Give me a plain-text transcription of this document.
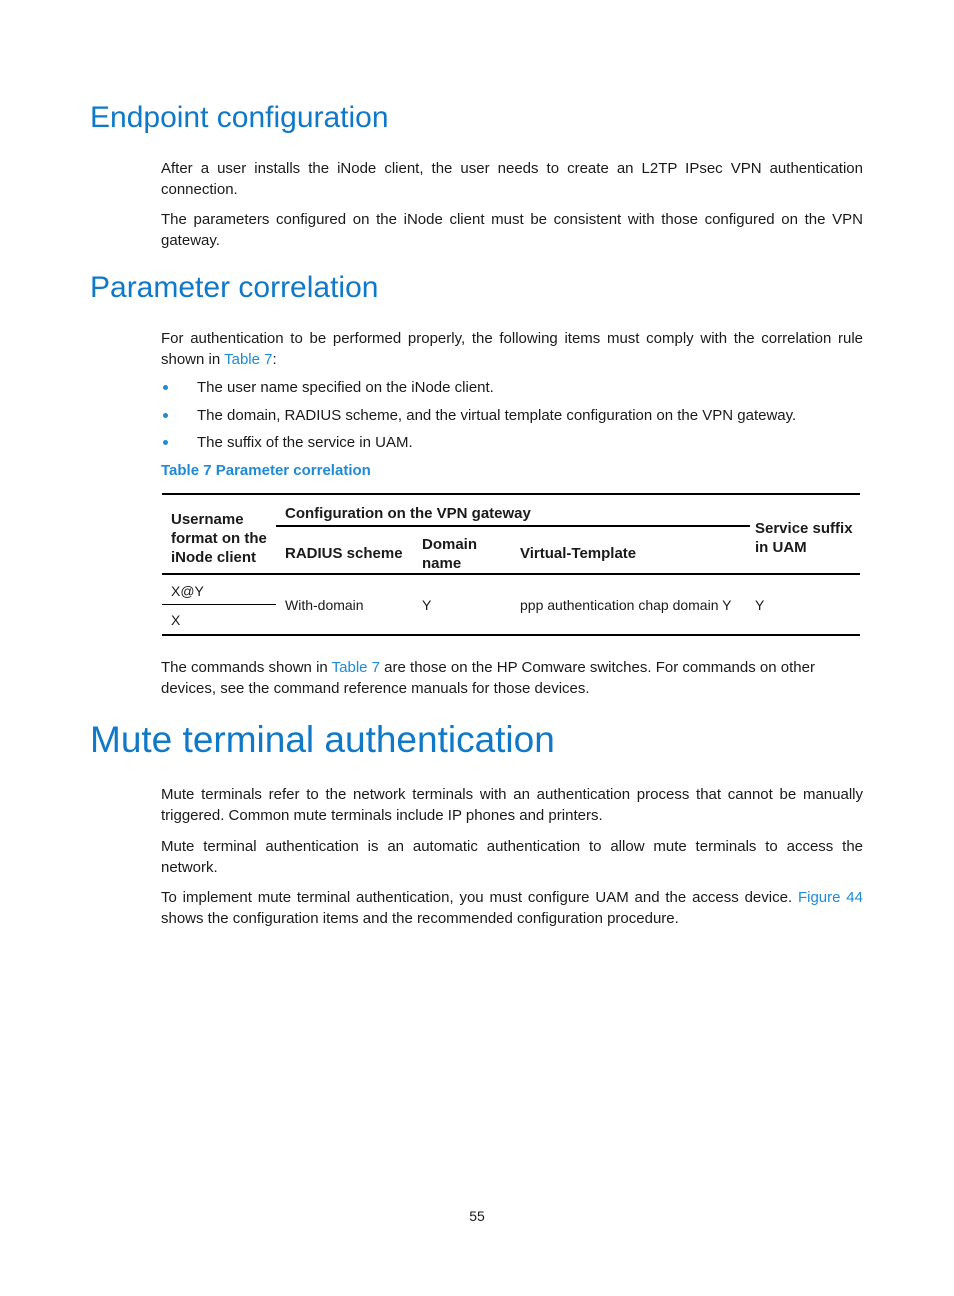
Endpoint configuration

After a user installs the iNode client, the user needs to create an L2TP IPsec VPN authentication connection.

The parameters configured on the iNode client must be consistent with those configured on the VPN gateway.

Parameter correlation

For authentication to be performed properly, the following items must comply with the correlation rule shown in Table 7:

The user name specified on the iNode client.
The domain, RADIUS scheme, and the virtual template configuration on the VPN gateway.
The suffix of the service in UAM.
Table 7 Parameter correlation
Username format on the iNode client
Configuration on the VPN gateway
RADIUS scheme
Domain name
Virtual-Template
Service suffix in UAM
X@Y
X
With-domain	Y	ppp authentication chap domain Y Y

The commands shown in Table 7 are those on the HP Comware switches. For commands on other devices, see the command reference manuals for those devices.

Mute terminal authentication

Mute terminals refer to the network terminals with an authentication process that cannot be manually triggered. Common mute terminals include IP phones and printers.

Mute terminal authentication is an automatic authentication to allow mute terminals to access the network.

To implement mute terminal authentication, you must configure UAM and the access device. Figure 44 shows the configuration items and the recommended configuration procedure.

55
